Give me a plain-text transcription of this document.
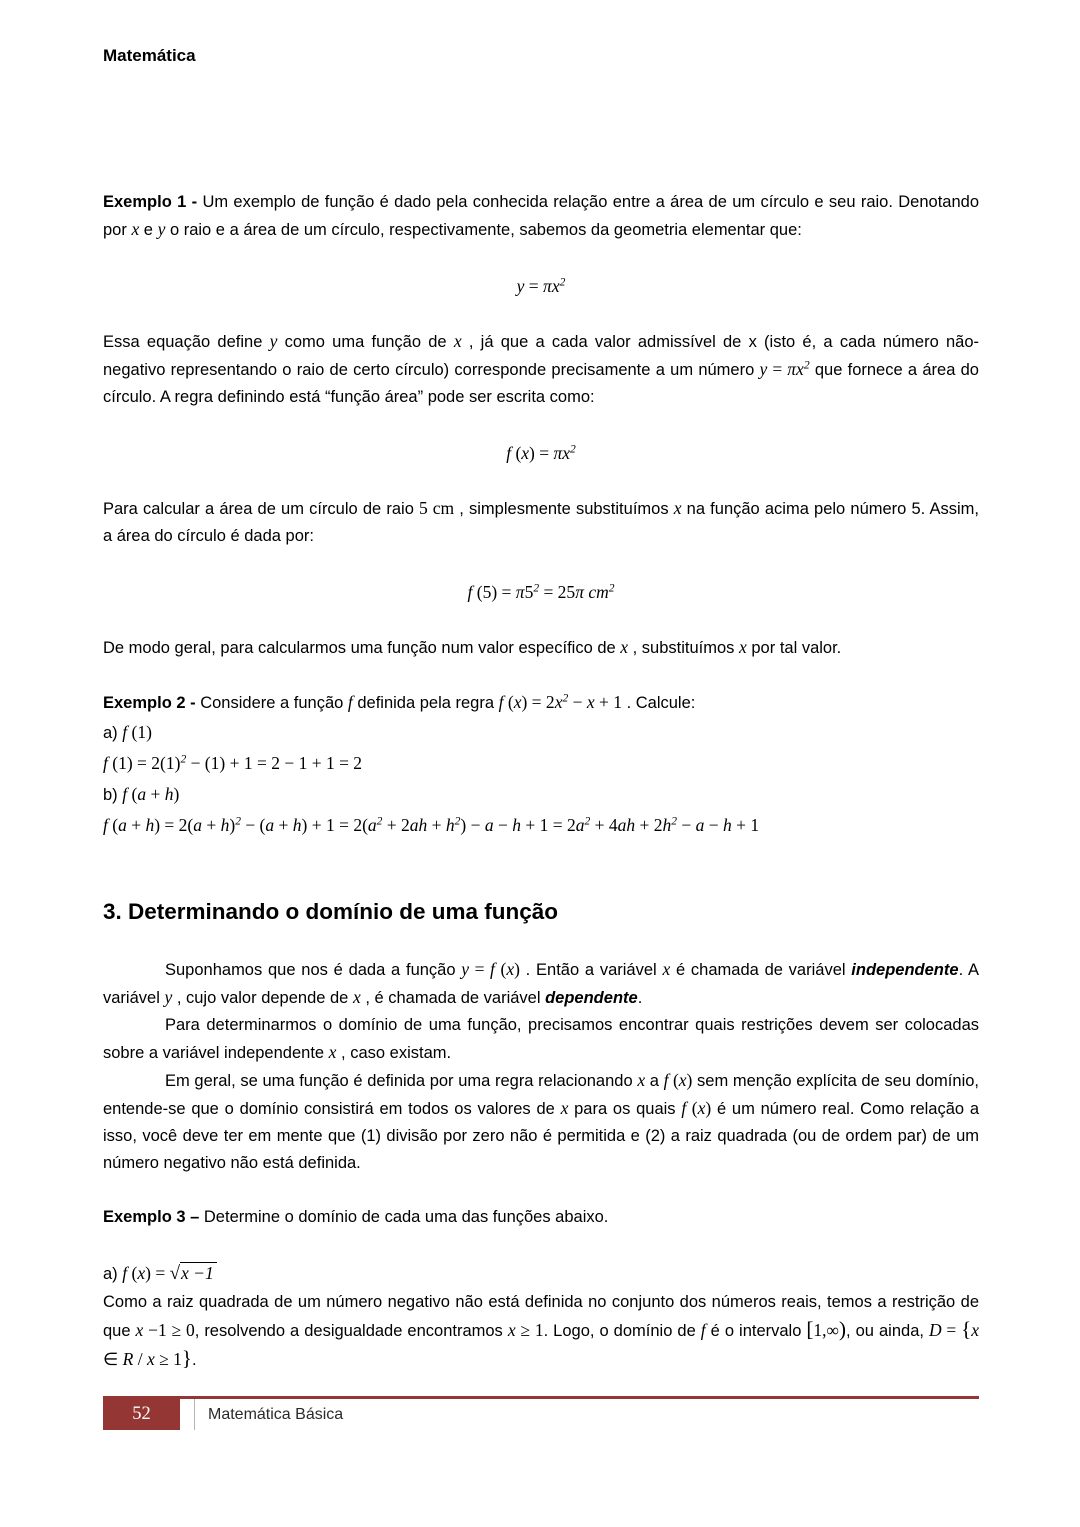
Matemática
Exemplo 1 - Um exemplo de função é dado pela conhecida relação entre a área de um círculo e seu raio. Denotando por x e y o raio e a área de um círculo, respectivamente, sabemos da geometria elementar que:
$y = \pi x^2$
Essa equação define y como uma função de x , já que a cada valor admissível de x (isto é, a cada número não-negativo representando o raio de certo círculo) corresponde precisamente a um número $y = \pi x^2$ que fornece a área do círculo. A regra definindo está “função área” pode ser escrita como:
f $(x) = \pi x^2$
Para calcular a área de um círculo de raio 5 cm , simplesmente substituímos x na função acima pelo número 5. Assim, a área do círculo é dada por:
f $(5) = \pi 5^2 = 25\pi$ $cm^2$
De modo geral, para calcularmos uma função num valor específico de x , substituímos x por tal valor.
Exemplo 2 - Considere a função f definida pela regra f $(x) = 2x^2 - x + 1$ . Calcule:
a) f (1)
f $(1) = 2(1)^2 - (1) + 1 = 2 - 1 + 1 = 2$
b) f (a + h)
f $(a + h) = 2(a + h)^2 - (a + h) + 1 = 2(a^2 + 2ah + h^2) - a - h + 1 = 2a^2 + 4ah + 2h^2 - a - h + 1$
3. Determinando o domínio de uma função
Suponhamos que nos é dada a função y = f (x) . Então a variável x é chamada de variável independente. A variável y , cujo valor depende de x , é chamada de variável dependente.
Para determinarmos o domínio de uma função, precisamos encontrar quais restrições devem ser colocadas sobre a variável independente x , caso existam.
Em geral, se uma função é definida por uma regra relacionando x a f (x) sem menção explícita de seu domínio, entende-se que o domínio consistirá em todos os valores de x para os quais f (x) é um número real. Como relação a isso, você deve ter em mente que (1) divisão por zero não é permitida e (2) a raiz quadrada (ou de ordem par) de um número negativo não está definida.
Exemplo 3 – Determine o domínio de cada uma das funções abaixo.
a) f (x) = √x −1
Como a raiz quadrada de um número negativo não está definida no conjunto dos números reais, temos a restrição de que x −1 ≥ 0, resolvendo a desigualdade encontramos x ≥ 1. Logo, o domínio de f é o intervalo [1,∞), ou ainda, D = {x ∈ R / x ≥ 1}.
52	Matemática Básica
